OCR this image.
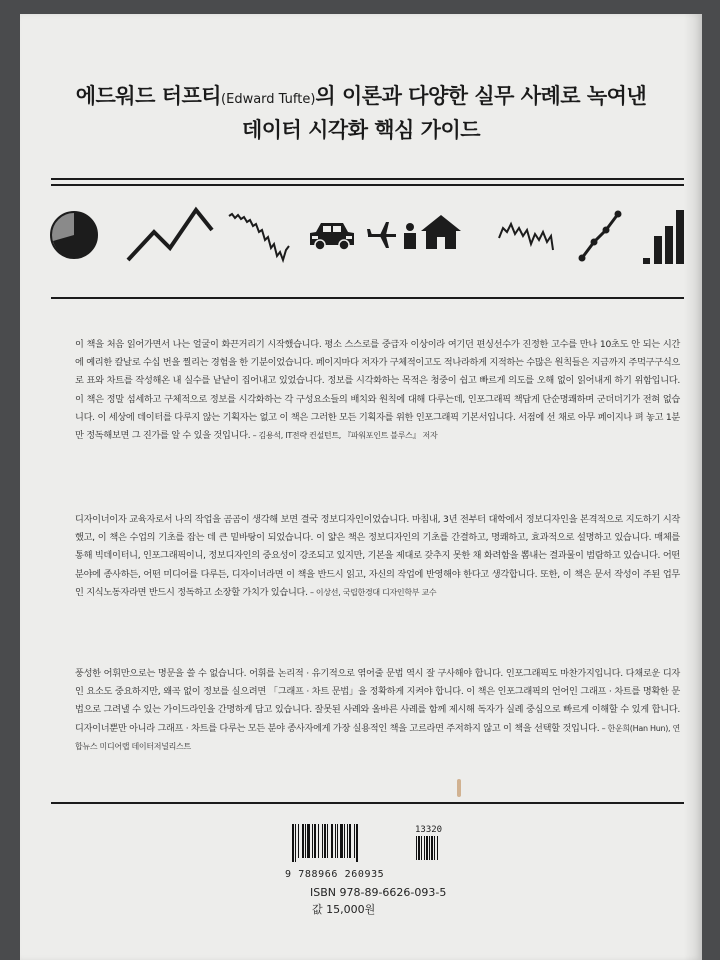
에드워드 터프티(Edward Tufte)의 이론과 다양한 실무 사례로 녹여낸
데이터 시각화 핵심 가이드
이 책을 처음 읽어가면서 나는 얼굴이 화끈거리기 시작했습니다. 평소 스스로를 중급자 이상이라 여기던 편싱선수가 진정한 고수를 만나 10초도 안 되는 시간에 예리한 칼날로 수십 번을 찔리는 경험을 한 기분이었습니다. 페이지마다 저자가 구체적이고도 적나라하게 지적하는 수많은 원칙들은 지금까지 주먹구구식으로 표와 차트를 작성해온 내 실수를 낱낱이 집어내고 있었습니다. 정보를 시각화하는 목적은 청중이 쉽고 빠르게 의도를 오해 없이 읽어내게 하기 위함입니다. 이 책은 정말 섬세하고 구체적으로 정보를 시각화하는 각 구성요소들의 배치와 원칙에 대해 다루는데, 인포그래픽 책답게 단순명쾌하며 군더더기가 전혀 없습니다. 이 세상에 데이터를 다루지 않는 기획자는 없고 이 책은 그러한 모든 기획자를 위한 인포그래픽 기본서입니다. 서점에 선 채로 아무 페이지나 펴 놓고 1분만 정독해보면 그 진가를 알 수 있을 것입니다. – 김용석, IT전략 컨설턴트, 『파워포인트 블루스』 저자
디자이너이자 교육자로서 나의 작업을 곰곰이 생각해 보면 결국 정보디자인이었습니다. 마침내, 3년 전부터 대학에서 정보디자인을 본격적으로 지도하기 시작했고, 이 책은 수업의 기초를 잡는 데 큰 밑바탕이 되었습니다. 이 얇은 책은 정보디자인의 기초를 간결하고, 명쾌하고, 효과적으로 설명하고 있습니다. 매체를 통해 빅데이터니, 인포그래픽이니, 정보디자인의 중요성이 강조되고 있지만, 기본을 제대로 갖추지 못한 채 화려함을 뽐내는 결과물이 범람하고 있습니다. 어떤 분야에 종사하든, 어떤 미디어를 다루든, 디자이너라면 이 책을 반드시 읽고, 자신의 작업에 반영해야 한다고 생각합니다. 또한, 이 책은 문서 작성이 주된 업무인 지식노동자라면 반드시 정독하고 소장할 가치가 있습니다. – 이상선, 국립한경대 디자인학부 교수
풍성한 어휘만으로는 명문을 쓸 수 없습니다. 어휘를 논리적 · 유기적으로 엮어줄 문법 역시 잘 구사해야 합니다. 인포그래픽도 마찬가지입니다. 다채로운 디자인 요소도 중요하지만, 왜곡 없이 정보를 실으려면 「그래프 · 차트 문법」을 정확하게 지켜야 합니다. 이 책은 인포그래픽의 언어인 그래프 · 차트를 명확한 문법으로 그려낼 수 있는 가이드라인을 간명하게 담고 있습니다. 잘못된 사례와 올바른 사례를 함께 제시해 독자가 실례 중심으로 빠르게 이해할 수 있게 합니다. 디자이너뿐만 아니라 그래프 · 차트를 다루는 모든 분야 종사자에게 가장 실용적인 책을 고르라면 주저하지 않고 이 책을 선택할 것입니다. – 한운희(Han Hun), 연합뉴스 미디어랩 데이터저널리스트
13320
9 788966 260935
ISBN 978-89-6626-093-5
값 15,000원
